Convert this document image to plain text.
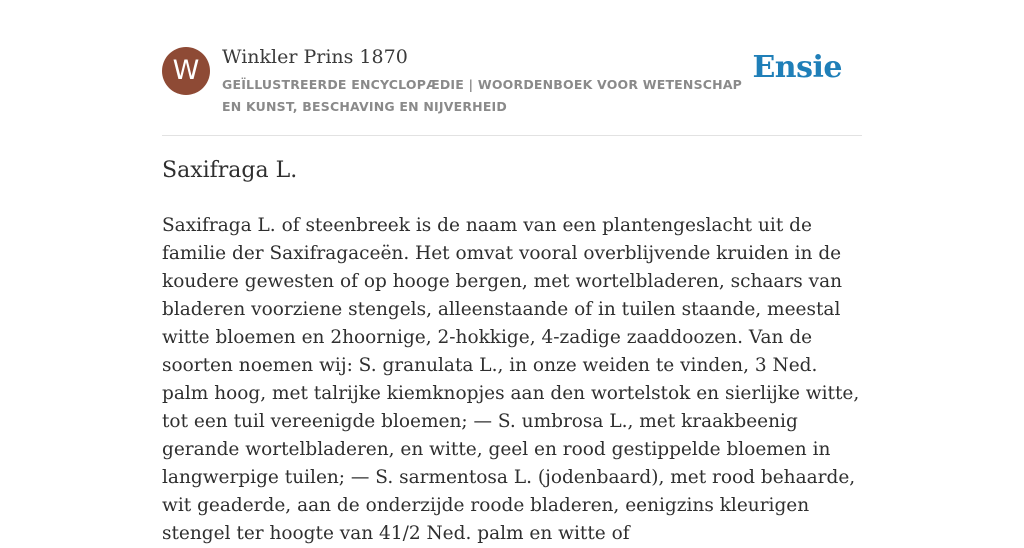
W	Winkler Prins 1870
GEÏLLUSTREERDE ENCYCLOPÆDIE | WOORDENBOEK VOOR WETENSCHAP EN KUNST, BESCHAVING EN NIJVERHEID
Ensie
Saxifraga L.

Saxifraga L. of steenbreek is de naam van een plantengeslacht uit de familie der Saxifragaceën. Het omvat vooral overblijvende kruiden in de koudere gewesten of op hooge bergen, met wortelbladeren, schaars van bladeren voorziene stengels, alleenstaande of in tuilen staande, meestal witte bloemen en 2hoornige, 2-hokkige, 4-zadige zaaddoozen. Van de soorten noemen wij: S. granulata L., in onze weiden te vinden, 3 Ned. palm hoog, met talrijke kiemknopjes aan den wortelstok en sierlijke witte, tot een tuil vereenigde bloemen; — S. umbrosa L., met kraakbeenig gerande wortelbladeren, en witte, geel en rood gestippelde bloemen in langwerpige tuilen; — S. sarmentosa L. (jodenbaard), met rood behaarde, wit geaderde, aan de onderzijde roode bladeren, eenigzins kleurigen stengel ter hoogte van 41/2 Ned. palm en witte of
